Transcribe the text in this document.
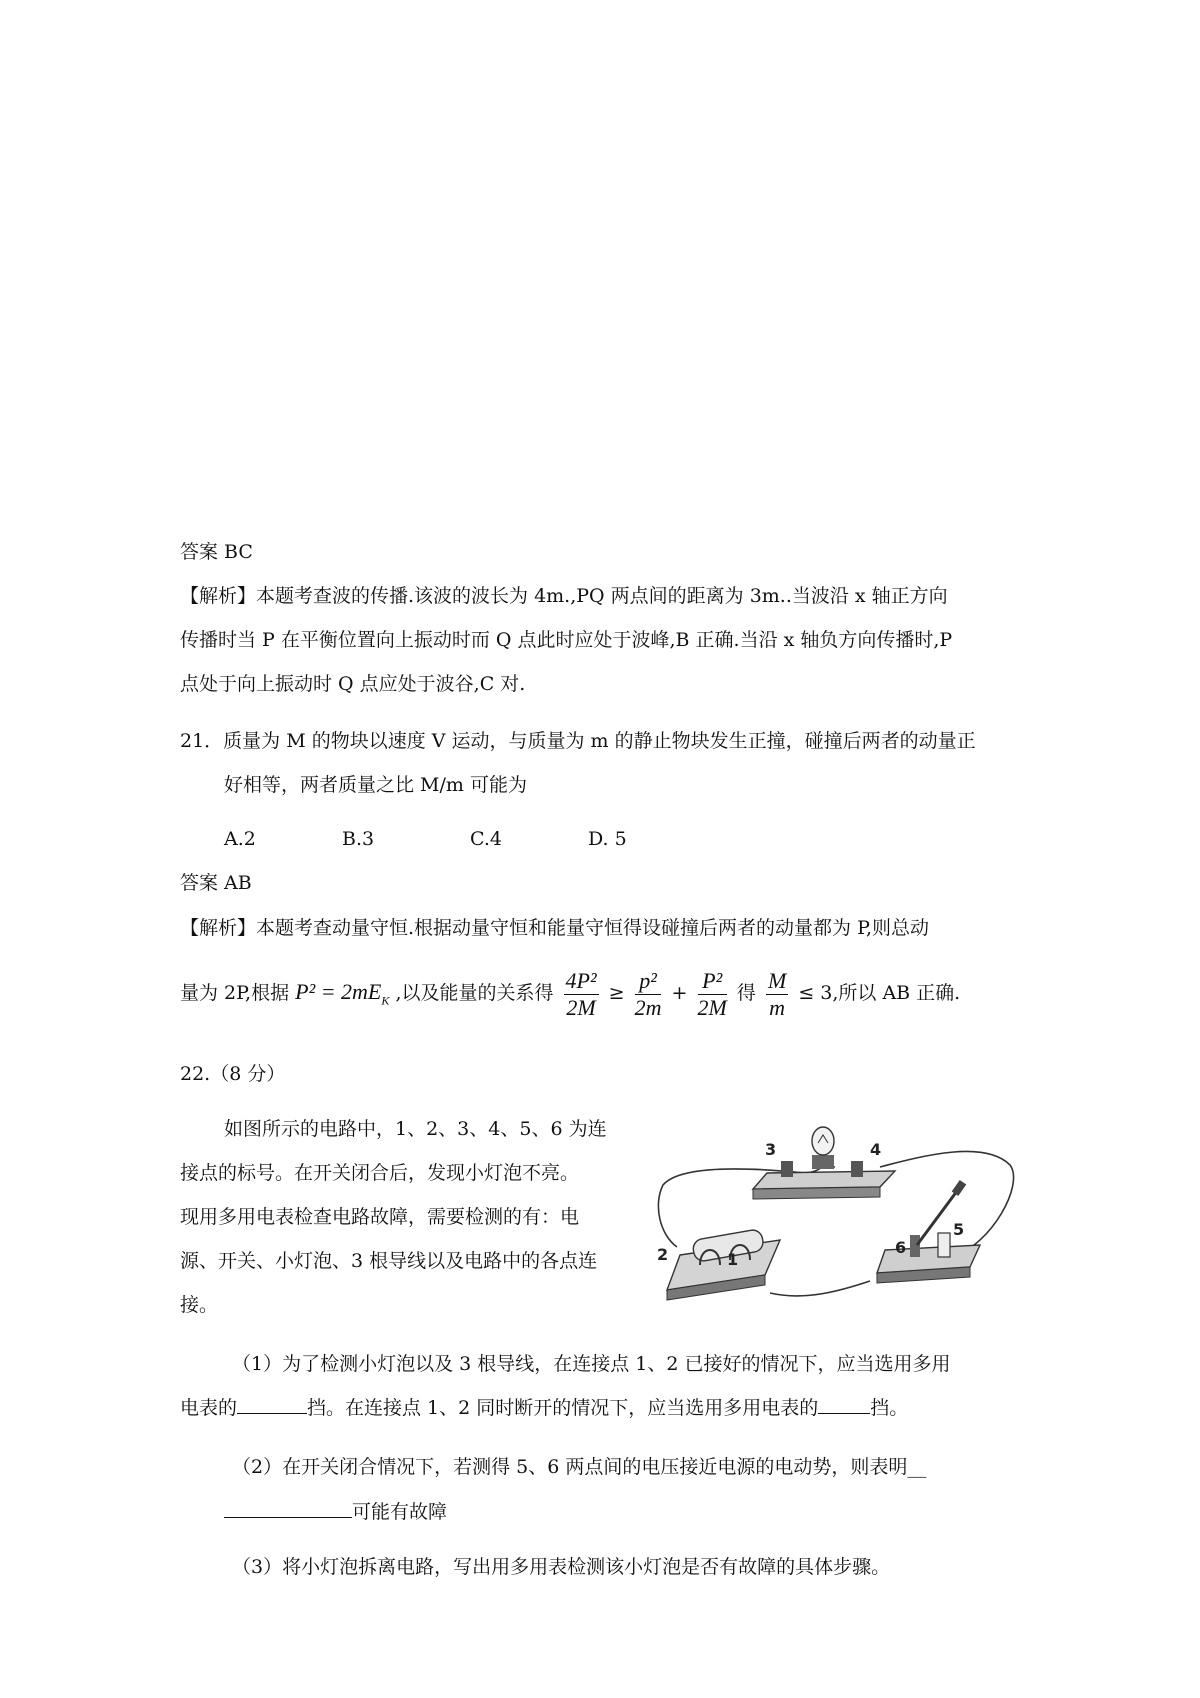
答案 BC
【解析】本题考查波的传播.该波的波长为 4m.,PQ 两点间的距离为 3m..当波沿 x 轴正方向
传播时当 P 在平衡位置向上振动时而 Q 点此时应处于波峰,B 正确.当沿 x 轴负方向传播时,P
点处于向上振动时 Q 点应处于波谷,C 对.
21．质量为 M 的物块以速度 V 运动，与质量为 m 的静止物块发生正撞，碰撞后两者的动量正
好相等，两者质量之比 M/m 可能为
A.2	B.3	C.4	D. 5
答案 AB
【解析】本题考查动量守恒.根据动量守恒和能量守恒得设碰撞后两者的动量都为 P,则总动
量为 2P,根据 $P^2 = 2mE_K$ ,以及能量的关系得 $\frac{\text{4P²}}{2M} \ge \frac{\text{p²}}{2m} + \frac{\text{P²}}{2M}$ 得 $\frac{M}{m} \le 3$,所以 AB 正确.
22.（8 分）
如图所示的电路中，1、2、3、4、5、6 为连
接点的标号。在开关闭合后，发现小灯泡不亮。
现用多用电表检查电路故障，需要检测的有：电
源、开关、小灯泡、3 根导线以及电路中的各点连
接。
1
2
3	4
5
6
（1）为了检测小灯泡以及 3 根导线，在连接点 1、2 已接好的情况下，应当选用多用
电表的	挡。在连接点 1、2 同时断开的情况下，应当选用多用电表的	挡。
（2）在开关闭合情况下，若测得 5、6 两点间的电压接近电源的电动势，则表明__
可能有故障
（3）将小灯泡拆离电路，写出用多用表检测该小灯泡是否有故障的具体步骤。
